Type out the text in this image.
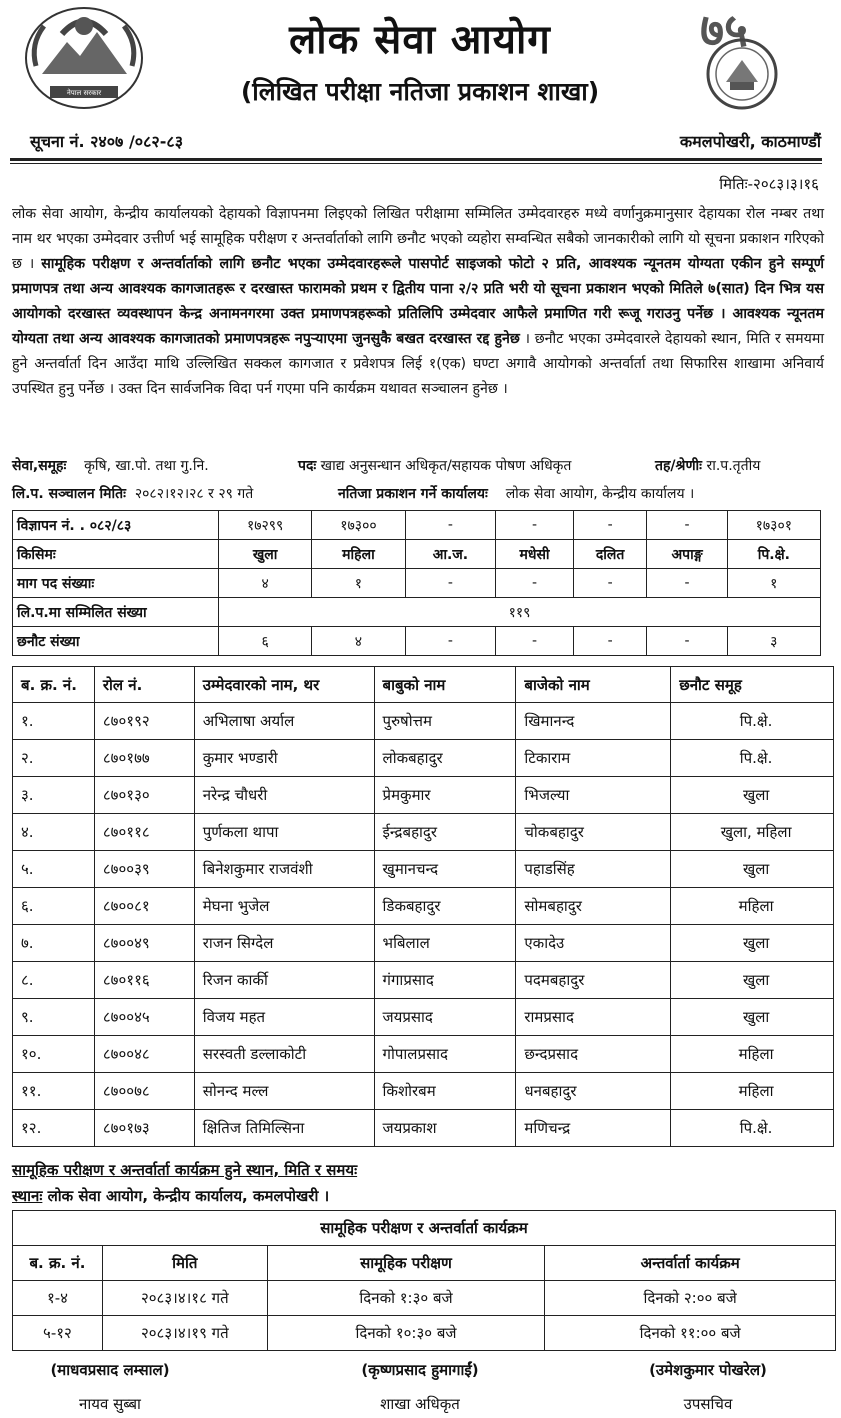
नेपाल सरकार
लोक सेवा आयोग
(लिखित परीक्षा नतिजा प्रकाशन शाखा)
७५
सूचना नं. २४०७ /०८२-८३	कमलपोखरी, काठमाण्डौं
मितिः-२०८३।३।१६
लोक सेवा आयोग, केन्द्रीय कार्यालयको देहायको विज्ञापनमा लिइएको लिखित परीक्षामा सम्मिलित उम्मेदवारहरु मध्ये वर्णानुक्रमानुसार देहायका रोल नम्बर तथा नाम थर भएका उम्मेदवार उत्तीर्ण भई सामूहिक परीक्षण र अन्तर्वार्ताको लागि छनौट भएको व्यहोरा सम्वन्धित सबैको जानकारीको लागि यो सूचना प्रकाशन गरिएको छ । सामूहिक परीक्षण र अन्तर्वार्ताको लागि छनौट भएका उम्मेदवारहरूले पासपोर्ट साइजको फोटो २ प्रति, आवश्यक न्यूनतम योग्यता एकीन हुने सम्पूर्ण प्रमाणपत्र तथा अन्य आवश्यक कागजातहरू र दरखास्त फारामको प्रथम र द्वितीय पाना २/२ प्रति भरी यो सूचना प्रकाशन भएको मितिले ७(सात) दिन भित्र यस आयोगको दरखास्त व्यवस्थापन केन्द्र अनामनगरमा उक्त प्रमाणपत्रहरूको प्रतिलिपि उम्मेदवार आफैले प्रमाणित गरी रूजू गराउनु पर्नेछ । आवश्यक न्यूनतम योग्यता तथा अन्य आवश्यक कागजातको प्रमाणपत्रहरू नपुर्‍याएमा जुनसुकै बखत दरखास्त रद्द हुनेछ । छनौट भएका उम्मेदवारले देहायको स्थान, मिति र समयमा हुने अन्तर्वार्ता दिन आउँदा माथि उल्लिखित सक्कल कागजात र प्रवेशपत्र लिई १(एक) घण्टा अगावै आयोगको अन्तर्वार्ता तथा सिफारिस शाखामा अनिवार्य उपस्थित हुनु पर्नेछ । उक्त दिन सार्वजनिक विदा पर्न गएमा पनि कार्यक्रम यथावत सञ्चालन हुनेछ ।
सेवा,समूहः कृषि, खा.पो. तथा गु.नि.	पदः खाद्य अनुसन्धान अधिकृत/सहायक पोषण अधिकृत	तह/श्रेणीः रा.प.तृतीय
लि.प. सञ्चालन मितिः २०८२।१२।२८ र २९ गते	नतिजा प्रकाशन गर्ने कार्यालयः लोक सेवा आयोग, केन्द्रीय कार्यालय ।
विज्ञापन नं. . ०८२/८३	१७२९९	१७३००	-	-	-	-	१७३०१
किसिमः	खुला	महिला	आ.ज.	मधेसी	दलित	अपाङ्ग	पि.क्षे.
माग पद संख्याः	४	१	-	-	-	-	१
लि.प.मा सम्मिलित संख्या	११९						
छनौट संख्या	६	४	-	-	-	-	३
ब. क्र. नं.	रोल नं.	उम्मेदवारको नाम, थर	बाबुको नाम	बाजेको नाम	छनौट समूह
१.	८७०१९२	अभिलाषा अर्याल	पुरुषोत्तम	खिमानन्द	पि.क्षे.
२.	८७०१७७	कुमार भण्डारी	लोकबहादुर	टिकाराम	पि.क्षे.
३.	८७०१३०	नरेन्द्र चौधरी	प्रेमकुमार	भिजल्या	खुला
४.	८७०११८	पुर्णकला थापा	ईन्द्रबहादुर	चोकबहादुर	खुला, महिला
५.	८७००३९	बिनेशकुमार राजवंशी	खुमानचन्द	पहाडसिंह	खुला
६.	८७००८१	मेघना भुजेल	डिकबहादुर	सोमबहादुर	महिला
७.	८७००४९	राजन सिग्देल	भबिलाल	एकादेउ	खुला
८.	८७०११६	रिजन कार्की	गंगाप्रसाद	पदमबहादुर	खुला
९.	८७००४५	विजय महत	जयप्रसाद	रामप्रसाद	खुला
१०.	८७००४८	सरस्वती डल्लाकोटी	गोपालप्रसाद	छन्दप्रसाद	महिला
११.	८७००७८	सोनन्द मल्ल	किशोरबम	धनबहादुर	महिला
१२.	८७०१७३	क्षितिज तिमिल्सिना	जयप्रकाश	मणिचन्द्र	पि.क्षे.
सामूहिक परीक्षण र अन्तर्वार्ता कार्यक्रम हुने स्थान, मिति र समयः
स्थानः लोक सेवा आयोग, केन्द्रीय कार्यालय, कमलपोखरी ।
सामूहिक परीक्षण र अन्तर्वार्ता कार्यक्रम			
ब. क्र. नं.	मिति	सामूहिक परीक्षण	अन्तर्वार्ता कार्यक्रम
१-४	२०८३।४।१८ गते	दिनको १:३० बजे	दिनको २:०० बजे
५-१२	२०८३।४।१९ गते	दिनको १०:३० बजे	दिनको ११:०० बजे
(माधवप्रसाद लम्साल)
नायव सुब्बा
(कृष्णप्रसाद हुमागाईं)
शाखा अधिकृत
(उमेशकुमार पोखरेल)
उपसचिव
